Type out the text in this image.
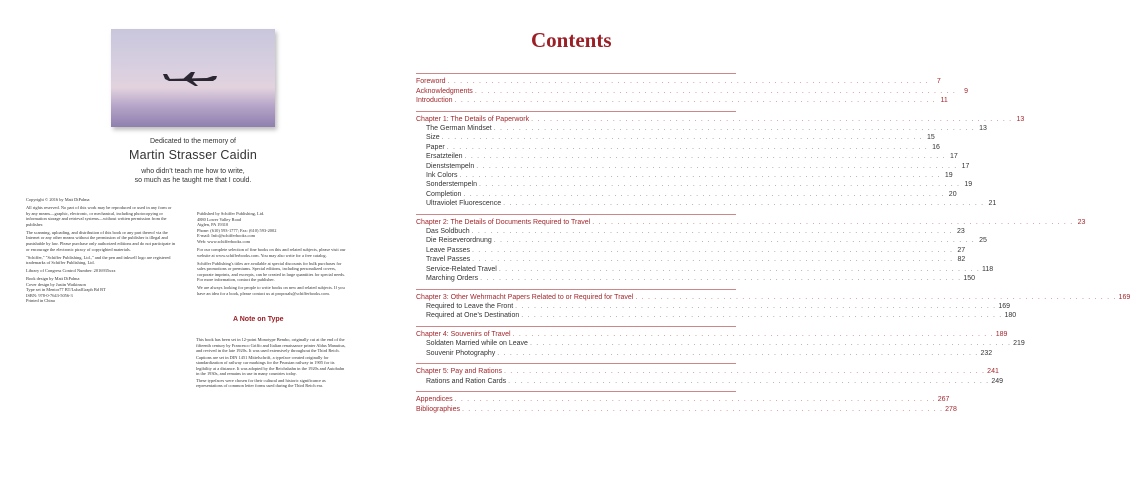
Dedicated to the memory of
Martin Strasser Caidin
who didn’t teach me how to write,
so much as he taught me that I could.

Copyright © 2016 by Matt DiPalma

All rights reserved. No part of this work may be reproduced or used in any form or by any means—graphic, electronic, or mechanical, including photocopying or information storage and retrieval systems—without written permission from the publisher.

The scanning, uploading, and distribution of this book or any part thereof via the Internet or any other means without the permission of the publisher is illegal and punishable by law. Please purchase only authorized editions and do not participate in or encourage the electronic piracy of copyrighted materials.

"Schiffer," "Schiffer Publishing, Ltd.," and the pen and inkwell logo are registered trademarks of Schiffer Publishing, Ltd.

Library of Congress Control Number: 2016935xxx

Book design by Matt DiPalma
Cover design by Justin Watkinson
Type set in Mentor77 BT/LubalGraph Bd BT
ISBN: 978-0-7643-5056-3
Printed in China
Published by Schiffer Publishing, Ltd.
4880 Lower Valley Road
Atglen, PA 19310
Phone: (610) 593-1777; Fax: (610) 593-2002
E-mail: Info@schifferbooks.com

Web: www.schifferbooks.com

For our complete selection of fine books on this and related subjects, please visit our website at www.schifferbooks.com. You may also write for a free catalog.

Schiffer Publishing's titles are available at special discounts for bulk purchases for sales promotions or premiums. Special editions, including personalized covers, corporate imprints, and excerpts, can be created in large quantities for special needs. For more information, contact the publisher.

We are always looking for people to write books on new and related subjects. If you have an idea for a book, please contact us at proposals@schifferbooks.com.

A Note on Type

This book has been set in 12-point Monotype Bembo, originally cut at the end of the fifteenth century by Francesco Griffo and Italian renaissance printer Aldus Manutius, and revived in the late 1920s. It was used extensively throughout the Third Reich.

Captions are set in DIN 1451 Mittelschrift, a typeface created originally for standardization of railway car markings for the Prussian railway in 1905 for its legibility at a distance. It was adopted by the Reichsbahn in the 1920s and Autobahn in the 1930s, and remains in use in many countries today.

These typefaces were chosen for their cultural and historic significance as representations of common letter forms used during the Third Reich era.

Contents
Foreword . . . . . . . . . . . . . . . . . . . . . . . . . . . . . . . . . . . . . . . . . . . . . . . . . . . . . . . . . . . . . . . . . . . . . . . . . . . . .	7
Acknowledgments . . . . . . . . . . . . . . . . . . . . . . . . . . . . . . . . . . . . . . . . . . . . . . . . . . . . . . . . . . . . . . . . . . . . . . . . . . . . .	9
Introduction . . . . . . . . . . . . . . . . . . . . . . . . . . . . . . . . . . . . . . . . . . . . . . . . . . . . . . . . . . . . . . . . . . . . . . . . . . . . . 11
Chapter 1: The Details of Paperwork . . . . . . . . . . . . . . . . . . . . . . . . . . . . . . . . . . . . . . . . . . . . . . . . . . . . . . . . . . . . . . . . . . . . . . . . . . . . . 13
The German Mindset . . . . . . . . . . . . . . . . . . . . . . . . . . . . . . . . . . . . . . . . . . . . . . . . . . . . . . . . . . . . . . . . . . . . . . . . . . . . . 13
Size . . . . . . . . . . . . . . . . . . . . . . . . . . . . . . . . . . . . . . . . . . . . . . . . . . . . . . . . . . . . . . . . . . . . . . . . . . . . . 15
Paper . . . . . . . . . . . . . . . . . . . . . . . . . . . . . . . . . . . . . . . . . . . . . . . . . . . . . . . . . . . . . . . . . . . . . . . . . . . . . 16
Ersatzteilen . . . . . . . . . . . . . . . . . . . . . . . . . . . . . . . . . . . . . . . . . . . . . . . . . . . . . . . . . . . . . . . . . . . . . . . . . . . . . 17
Dienststempeln . . . . . . . . . . . . . . . . . . . . . . . . . . . . . . . . . . . . . . . . . . . . . . . . . . . . . . . . . . . . . . . . . . . . . . . . . . . . . 17
Ink Colors . . . . . . . . . . . . . . . . . . . . . . . . . . . . . . . . . . . . . . . . . . . . . . . . . . . . . . . . . . . . . . . . . . . . . . . . . . . . . 19
Sonderstempeln . . . . . . . . . . . . . . . . . . . . . . . . . . . . . . . . . . . . . . . . . . . . . . . . . . . . . . . . . . . . . . . . . . . . . . . . . . . . . 19
Completion . . . . . . . . . . . . . . . . . . . . . . . . . . . . . . . . . . . . . . . . . . . . . . . . . . . . . . . . . . . . . . . . . . . . . . . . . . . . . 20
Ultraviolet Fluorescence . . . . . . . . . . . . . . . . . . . . . . . . . . . . . . . . . . . . . . . . . . . . . . . . . . . . . . . . . . . . . . . . . . . . . . . . . . . . . 21
Chapter 2: The Details of Documents Required to Travel . . . . . . . . . . . . . . . . . . . . . . . . . . . . . . . . . . . . . . . . . . . . . . . . . . . . . . . . . . . . . . . . . . . . . . . . . . . . . 23
Das Soldbuch . . . . . . . . . . . . . . . . . . . . . . . . . . . . . . . . . . . . . . . . . . . . . . . . . . . . . . . . . . . . . . . . . . . . . . . . . . . . . 23
Die Reiseverordnung . . . . . . . . . . . . . . . . . . . . . . . . . . . . . . . . . . . . . . . . . . . . . . . . . . . . . . . . . . . . . . . . . . . . . . . . . . . . . 25
Leave Passes . . . . . . . . . . . . . . . . . . . . . . . . . . . . . . . . . . . . . . . . . . . . . . . . . . . . . . . . . . . . . . . . . . . . . . . . . . . . . 27
Travel Passes . . . . . . . . . . . . . . . . . . . . . . . . . . . . . . . . . . . . . . . . . . . . . . . . . . . . . . . . . . . . . . . . . . . . . . . . . . . . . 82
Service-Related Travel . . . . . . . . . . . . . . . . . . . . . . . . . . . . . . . . . . . . . . . . . . . . . . . . . . . . . . . . . . . . . . . . . . . . . . . . . . . . . 118
Marching Orders . . . . . . . . . . . . . . . . . . . . . . . . . . . . . . . . . . . . . . . . . . . . . . . . . . . . . . . . . . . . . . . . . . . . . . . . . . . . . 150
Chapter 3: Other Wehrmacht Papers Related to or Required for Travel . . . . . . . . . . . . . . . . . . . . . . . . . . . . . . . . . . . . . . . . . . . . . . . . . . . . . . . . . . . . . . . . . . . . . . . . . . . . . 169
Required to Leave the Front . . . . . . . . . . . . . . . . . . . . . . . . . . . . . . . . . . . . . . . . . . . . . . . . . . . . . . . . . . . . . . . . . . . . . . . . . . . . . 169
Required at One’s Destination . . . . . . . . . . . . . . . . . . . . . . . . . . . . . . . . . . . . . . . . . . . . . . . . . . . . . . . . . . . . . . . . . . . . . . . . . . . . . 180
Chapter 4: Souvenirs of Travel . . . . . . . . . . . . . . . . . . . . . . . . . . . . . . . . . . . . . . . . . . . . . . . . . . . . . . . . . . . . . . . . . . . . . . . . . . . . . 189
Soldaten Married while on Leave . . . . . . . . . . . . . . . . . . . . . . . . . . . . . . . . . . . . . . . . . . . . . . . . . . . . . . . . . . . . . . . . . . . . . . . . . . . . . 219
Souvenir Photography . . . . . . . . . . . . . . . . . . . . . . . . . . . . . . . . . . . . . . . . . . . . . . . . . . . . . . . . . . . . . . . . . . . . . . . . . . . . . 232
Chapter 5: Pay and Rations . . . . . . . . . . . . . . . . . . . . . . . . . . . . . . . . . . . . . . . . . . . . . . . . . . . . . . . . . . . . . . . . . . . . . . . . . . . . . 241
Rations and Ration Cards . . . . . . . . . . . . . . . . . . . . . . . . . . . . . . . . . . . . . . . . . . . . . . . . . . . . . . . . . . . . . . . . . . . . . . . . . . . . . 249
Appendices . . . . . . . . . . . . . . . . . . . . . . . . . . . . . . . . . . . . . . . . . . . . . . . . . . . . . . . . . . . . . . . . . . . . . . . . . . . . . 267
Bibliographies . . . . . . . . . . . . . . . . . . . . . . . . . . . . . . . . . . . . . . . . . . . . . . . . . . . . . . . . . . . . . . . . . . . . . . . . . . . . . 278
